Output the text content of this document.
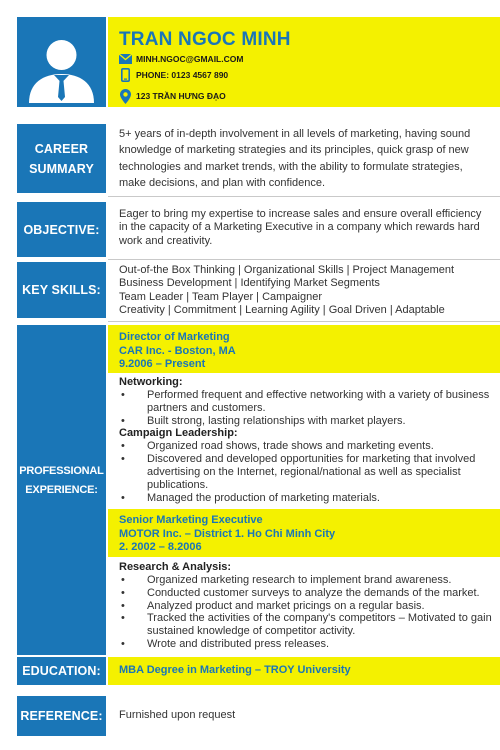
TRAN NGOC MINH
MINH.NGOC@GMAIL.COM
PHONE: 0123 4567 890
123 TRẦN HƯNG ĐẠO
CAREER
SUMMARY
5+ years of in-depth involvement in all levels of marketing, having sound knowledge of marketing strategies and its principles, quick grasp of new technologies and market trends, with the ability to formulate strategies, make decisions, and plan with confidence.
OBJECTIVE:
Eager to bring my expertise to increase sales and ensure overall efficiency in the capacity of a Marketing Executive in a company which rewards hard work and creativity.
KEY SKILLS:
Out-of-the Box Thinking | Organizational Skills | Project Management
Business Development | Identifying Market Segments
Team Leader | Team Player | Campaigner
Creativity | Commitment | Learning Agility | Goal Driven | Adaptable
PROFESSIONAL
EXPERIENCE:
Director of Marketing
CAR Inc. - Boston, MA
9.2006 – Present
Networking:
• Performed frequent and effective networking with a variety of business partners and customers.
• Built strong, lasting relationships with market players.
Campaign Leadership:
• Organized road shows, trade shows and marketing events.
• Discovered and developed opportunities for marketing that involved advertising on the Internet, regional/national as well as specialist publications.
• Managed the production of marketing materials.
Senior Marketing Executive
MOTOR Inc. – District 1. Ho Chi Minh City
2. 2002 – 8.2006
Research & Analysis:
• Organized marketing research to implement brand awareness.
• Conducted customer surveys to analyze the demands of the market.
• Analyzed product and market pricings on a regular basis.
• Tracked the activities of the company's competitors – Motivated to gain sustained knowledge of competitor activity.
• Wrote and distributed press releases.
EDUCATION:	MBA Degree in Marketing – TROY University
REFERENCE:	Furnished upon request
